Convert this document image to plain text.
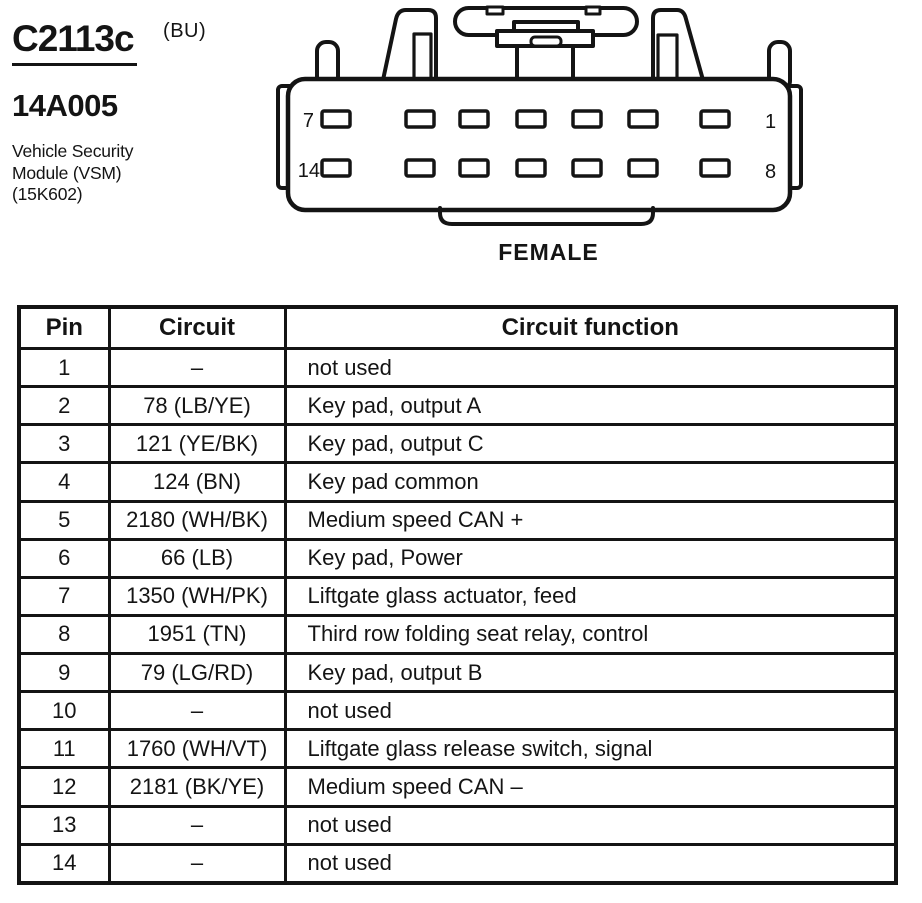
C2113c (BU)
14A005
Vehicle Security
Module (VSM)
(15K602)
7	1
14	8
FEMALE
Pin	Circuit	Circuit function
1	–	not used
2	78 (LB/YE)	Key pad, output A
3	121 (YE/BK)	Key pad, output C
4	124 (BN)	Key pad common
5	2180 (WH/BK)	Medium speed CAN +
6	66 (LB)	Key pad, Power
7	1350 (WH/PK)	Liftgate glass actuator, feed
8	1951 (TN)	Third row folding seat relay, control
9	79 (LG/RD)	Key pad, output B
10	–	not used
11	1760 (WH/VT)	Liftgate glass release switch, signal
12	2181 (BK/YE)	Medium speed CAN –
13	–	not used
14	–	not used
